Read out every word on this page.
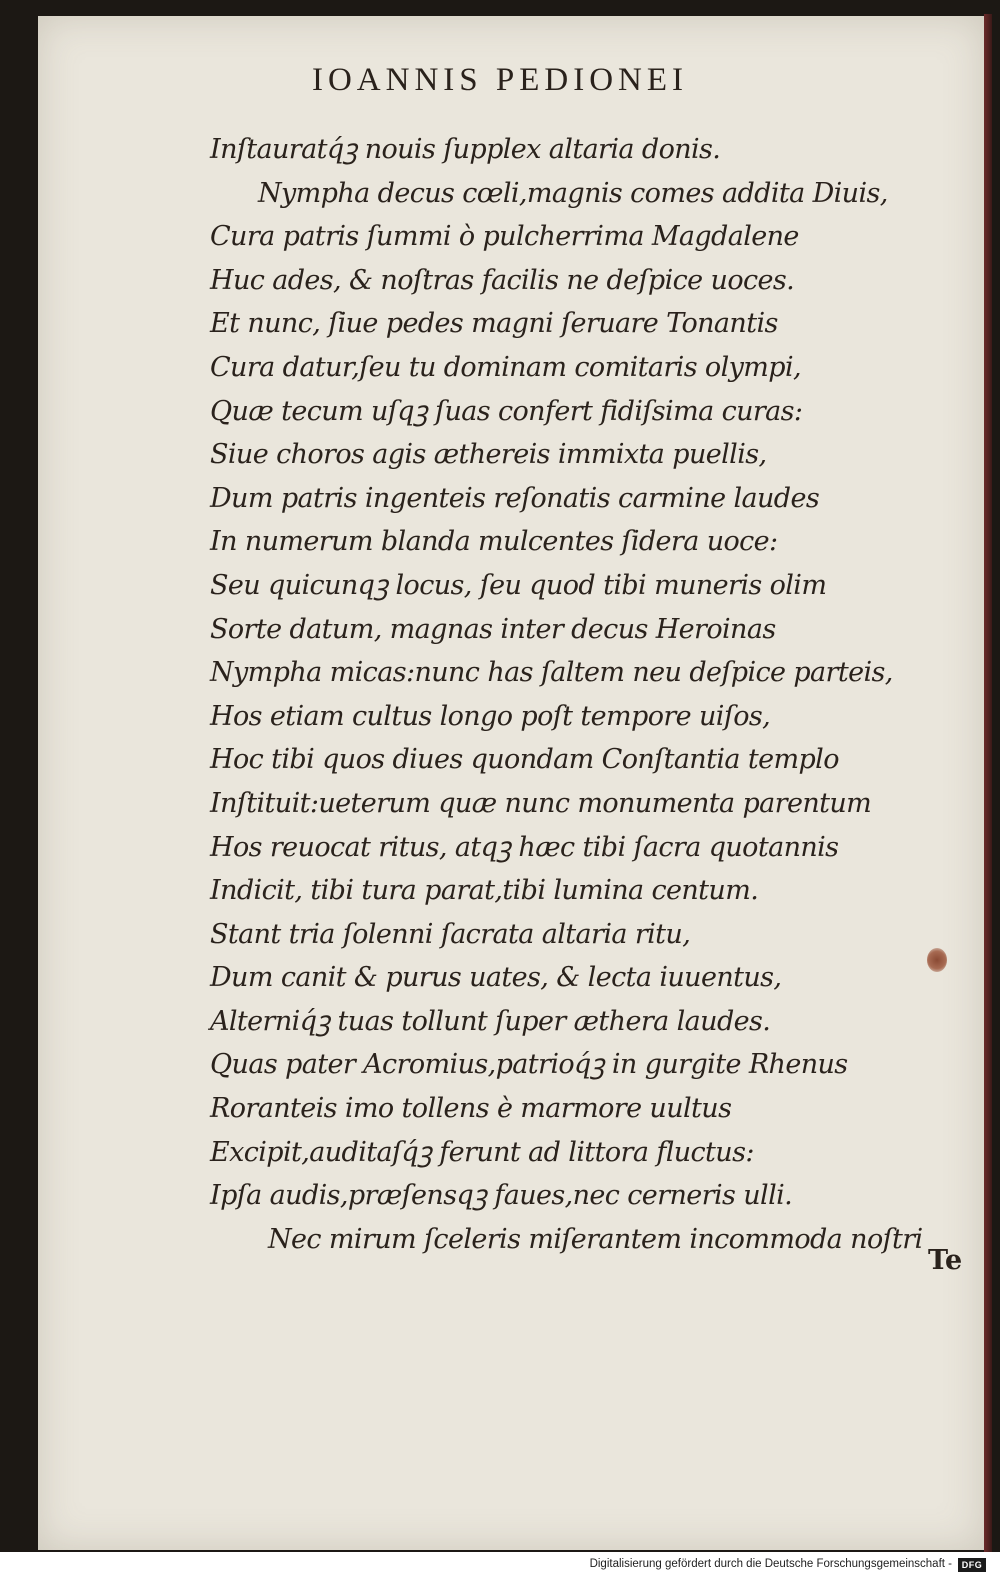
IOANNIS PEDIONEI
Inſtauratq́ꝫ nouis ſupplex altaria donis.
Nympha decus cœli,magnis comes addita Diuis,
Cura patris ſummi ò pulcherrima Magdalene
Huc ades, & noſtras facilis ne deſpice uoces.
Et nunc, ſiue pedes magni ſeruare Tonantis
Cura datur,ſeu tu dominam comitaris olympi,
Quæ tecum uſqꝫ ſuas confert fidiſsima curas:
Siue choros agis æthereis immixta puellis,
Dum patris ingenteis reſonatis carmine laudes
In numerum blanda mulcentes ſidera uoce:
Seu quicunqꝫ locus, ſeu quod tibi muneris olim
Sorte datum, magnas inter decus Heroinas
Nympha micas:nunc has ſaltem neu deſpice parteis,
Hos etiam cultus longo poſt tempore uiſos,
Hoc tibi quos diues quondam Conſtantia templo
Inſtituit:ueterum quæ nunc monumenta parentum
Hos reuocat ritus, atqꝫ hæc tibi ſacra quotannis
Indicit, tibi tura parat,tibi lumina centum.
Stant tria ſolenni ſacrata altaria ritu,
Dum canit & purus uates, & lecta iuuentus,
Alterniq́ꝫ tuas tollunt ſuper æthera laudes.
Quas pater Acromius,patrioq́ꝫ in gurgite Rhenus
Roranteis imo tollens è marmore uultus
Excipit,auditaſq́ꝫ ferunt ad littora fluctus:
Ipſa audis,præſensqꝫ faues,nec cerneris ulli.
Nec mirum ſceleris miſerantem incommoda noſtri
Te
Digitalisierung gefördert durch die Deutsche Forschungsgemeinschaft -	DFG
